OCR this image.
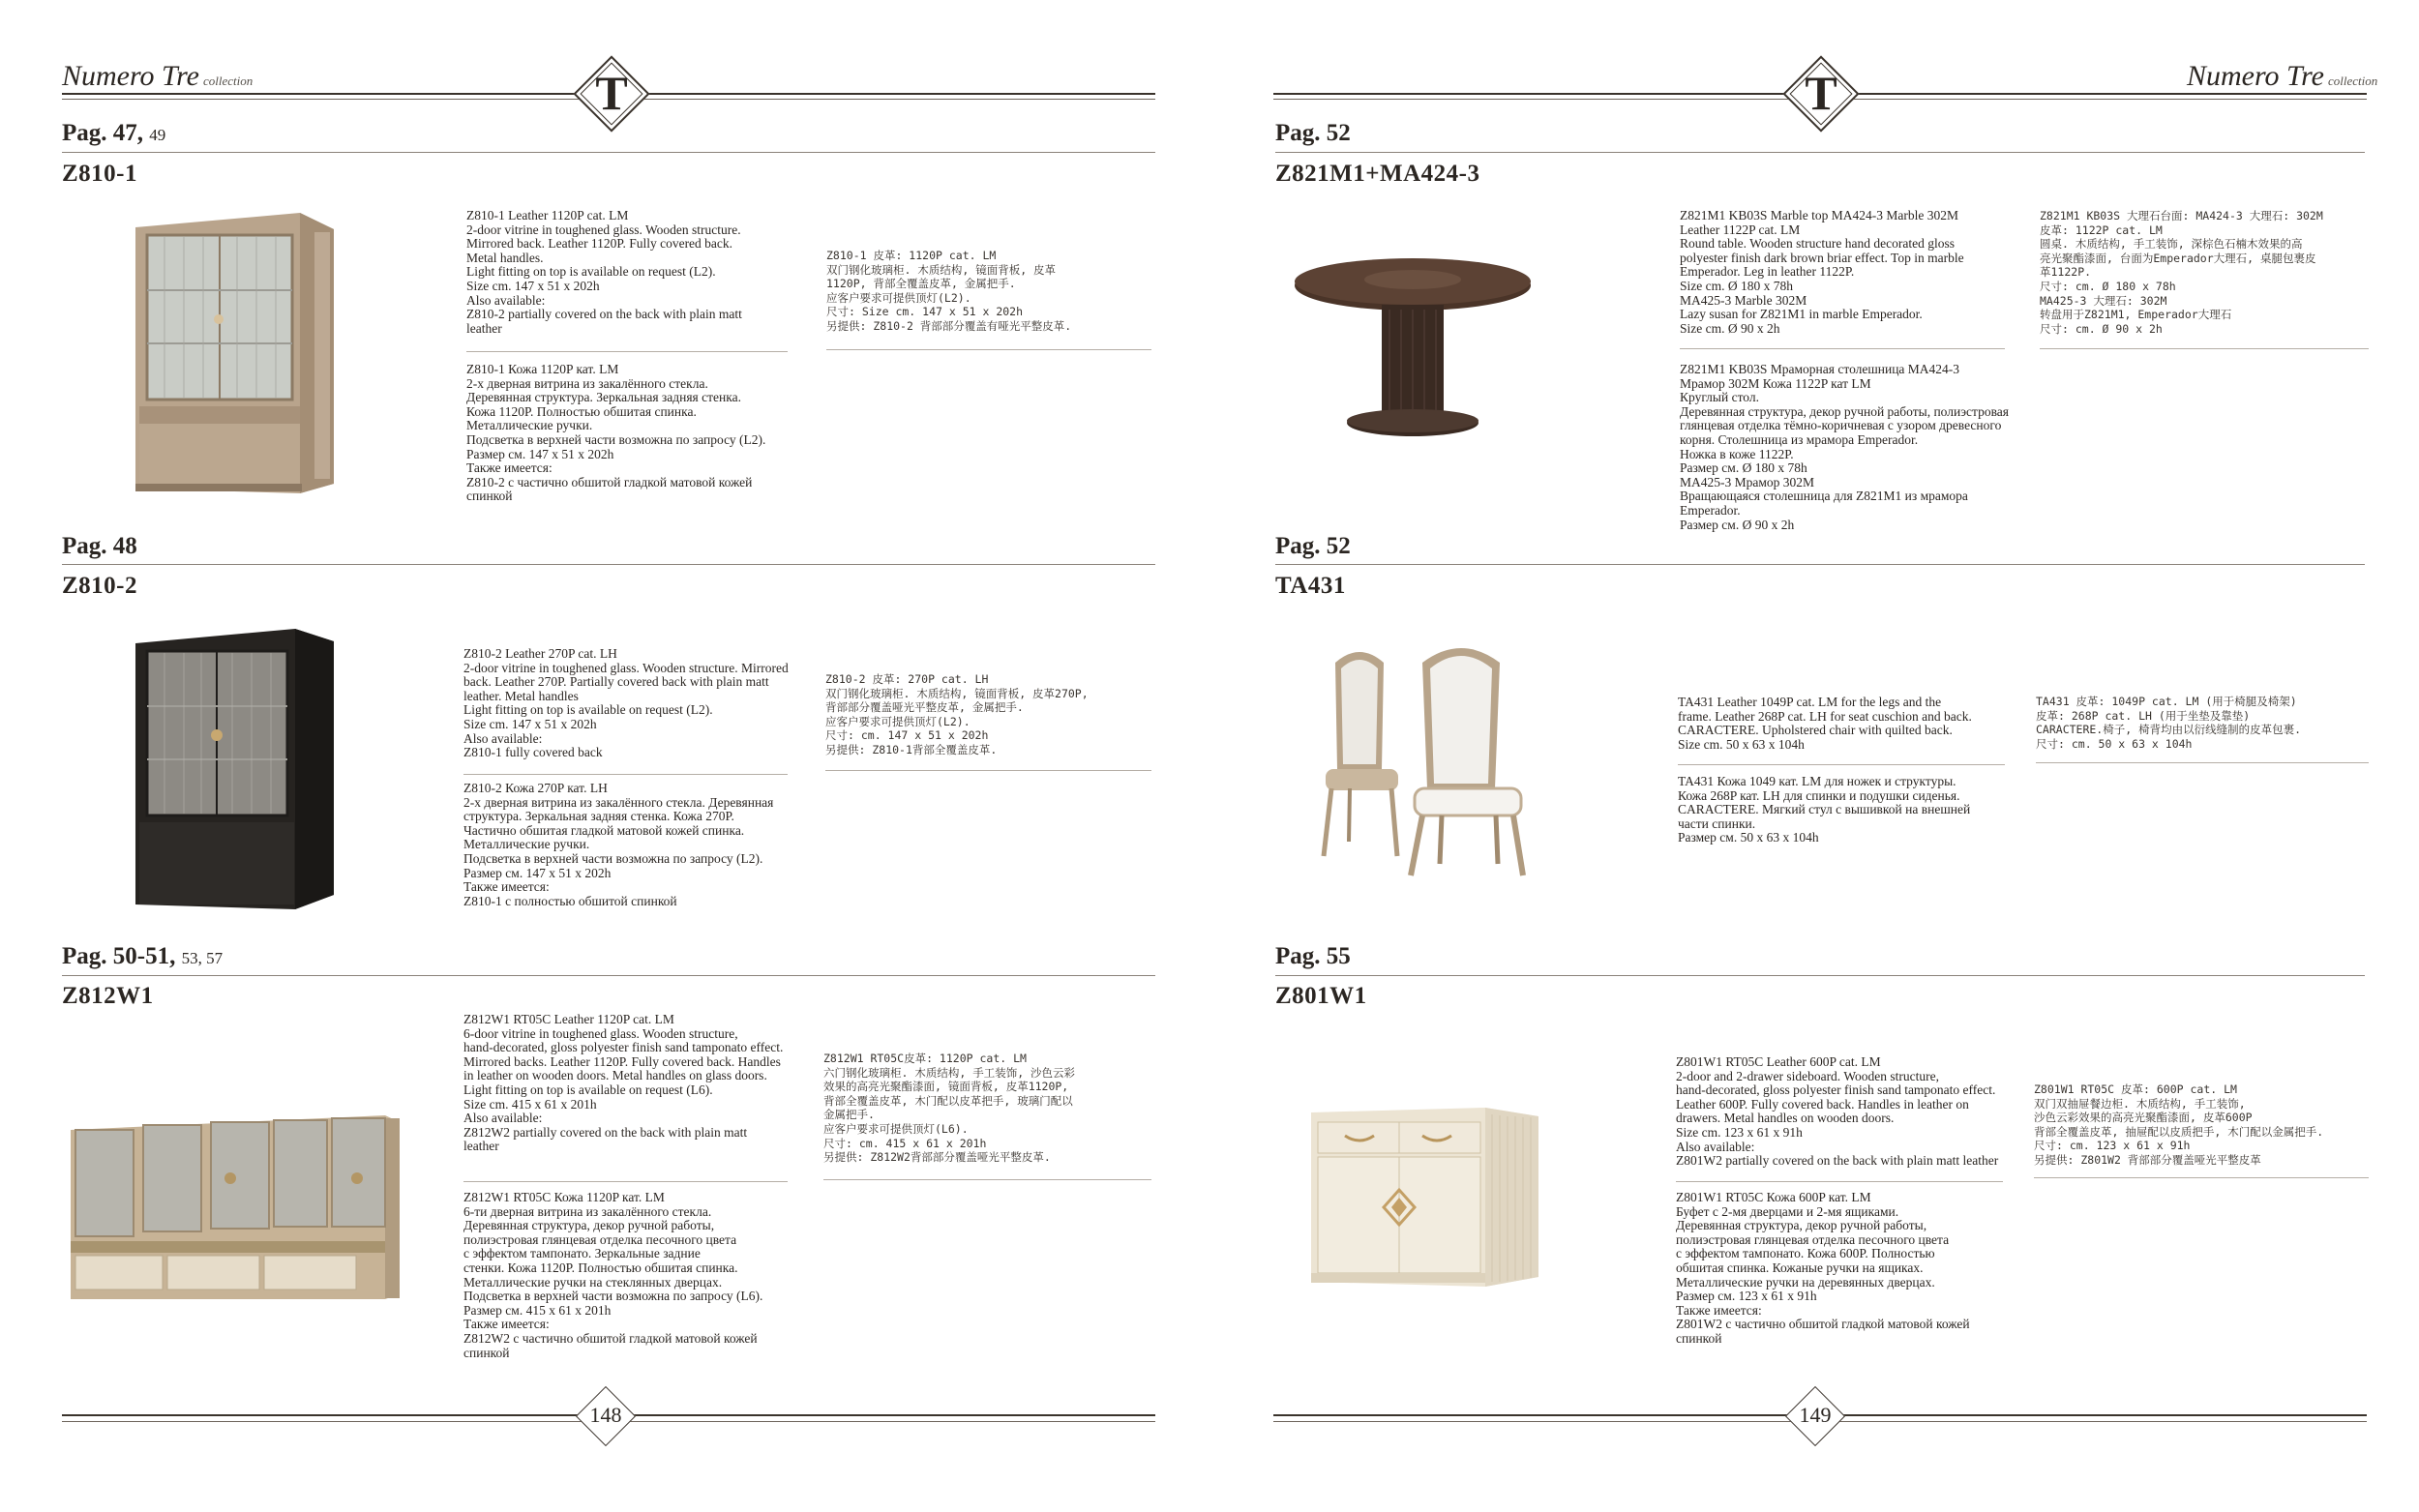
Numero Tre collection	T
Pag. 47, 49
Z810-1
Z810-1 Leather 1120P cat. LM
2-door vitrine in toughened glass. Wooden structure.
Mirrored back. Leather 1120P. Fully covered back.
Metal handles.
Light fitting on top is available on request (L2).
Size cm. 147 x 51 x 202h
Also available:
Z810-2 partially covered on the back with plain matt
leather
Z810-1 Кожа 1120P кат. LM
2-х дверная витрина из закалённого стекла.
Деревянная структура. Зеркальная задняя стенка.
Кожа 1120P. Полностью обшитая спинка.
Металлические ручки.
Подсветка в верхней части возможна по запросу (L2).
Размер см. 147 x 51 x 202h
Также имеется:
Z810-2 с частично обшитой гладкой матовой кожей
спинкой
Z810-1 皮革: 1120P cat. LM
双门钢化玻璃柜. 木质结构, 镜面背板, 皮革
1120P, 背部全覆盖皮革, 金属把手.
应客户要求可提供顶灯(L2).
尺寸: Size cm. 147 x 51 x 202h
另提供: Z810-2 背部部分覆盖有哑光平整皮革.
Pag. 48
Z810-2
Z810-2 Leather 270P cat. LH
2-door vitrine in toughened glass. Wooden structure. Mirrored
back. Leather 270P. Partially covered back with plain matt
leather. Metal handles
Light fitting on top is available on request (L2).
Size cm. 147 x 51 x 202h
Also available:
Z810-1 fully covered back
Z810-2 Кожа 270P кат. LH
2-х дверная витрина из закалённого стекла. Деревянная
структура. Зеркальная задняя стенка. Кожа 270P.
Частично обшитая гладкой матовой кожей спинка.
Металлические ручки.
Подсветка в верхней части возможна по запросу (L2).
Размер см. 147 x 51 x 202h
Также имеется:
Z810-1 с полностью обшитой спинкой
Z810-2 皮革: 270P cat. LH
双门钢化玻璃柜. 木质结构, 镜面背板, 皮革270P,
背部部分覆盖哑光平整皮革, 金属把手.
应客户要求可提供顶灯(L2).
尺寸: cm. 147 x 51 x 202h
另提供: Z810-1背部全覆盖皮革.
Pag. 50-51, 53, 57
Z812W1
Z812W1 RT05C Leather 1120P cat. LM
6-door vitrine in toughened glass. Wooden structure,
hand-decorated, gloss polyester finish sand tamponato effect.
Mirrored backs. Leather 1120P. Fully covered back. Handles
in leather on wooden doors. Metal handles on glass doors.
Light fitting on top is available on request (L6).
Size cm. 415 x 61 x 201h
Also available:
Z812W2 partially covered on the back with plain matt
leather
Z812W1 RT05C Кожа 1120P кат. LM
6-ти дверная витрина из закалённого стекла.
Деревянная структура, декор ручной работы,
полиэстровая глянцевая отделка песочного цвета
с эффектом тампонато. Зеркальные задние
стенки. Кожа 1120P. Полностью обшитая спинка.
Металлические ручки на стеклянных дверцах.
Подсветка в верхней части возможна по запросу (L6).
Размер см. 415 x 61 x 201h
Также имеется:
Z812W2 с частично обшитой гладкой матовой кожей
спинкой
Z812W1 RT05C皮革: 1120P cat. LM
六门钢化玻璃柜. 木质结构, 手工装饰, 沙色云彩
效果的高亮光聚酯漆面, 镜面背板, 皮革1120P,
背部全覆盖皮革, 木门配以皮革把手, 玻璃门配以
金属把手.
应客户要求可提供顶灯(L6).
尺寸: cm. 415 x 61 x 201h
另提供: Z812W2背部部分覆盖哑光平整皮革.
148
T	Numero Tre collection
Pag. 52
Z821M1+MA424-3
Z821M1 KB03S Marble top MA424-3 Marble 302M
Leather 1122P cat. LM
Round table. Wooden structure hand decorated gloss
polyester finish dark brown briar effect. Top in marble
Emperador. Leg in leather 1122P.
Size cm. Ø 180 x 78h
MA425-3 Marble 302M
Lazy susan for Z821M1 in marble Emperador.
Size cm. Ø 90 x 2h
Z821M1 KB03S Мраморная столешница MA424-3
Мрамор 302M Кожа 1122P кат LM
Круглый стол.
Деревянная структура, декор ручной работы, полиэстровая
глянцевая отделка тёмно-коричневая с узором древесного
корня. Столешница из мрамора Emperador.
Ножка в коже 1122P.
Размер см. Ø 180 x 78h
MA425-3 Мрамор 302M
Вращающаяся столешница для Z821M1 из мрамора
Emperador.
Размер см. Ø 90 x 2h
Z821M1 KB03S 大理石台面: MA424-3 大理石: 302M
皮革: 1122P cat. LM
圆桌. 木质结构, 手工装饰, 深棕色石楠木效果的高
亮光聚酯漆面, 台面为Emperador大理石, 桌腿包裹皮
革1122P.
尺寸: cm. Ø 180 x 78h
MA425-3 大理石: 302M
转盘用于Z821M1, Emperador大理石
尺寸: cm. Ø 90 x 2h
Pag. 52
TA431
TA431 Leather 1049P cat. LM for the legs and the
frame. Leather 268P cat. LH for seat cuschion and back.
CARACTERE. Upholstered chair with quilted back.
Size cm. 50 x 63 x 104h
TA431 Кожа 1049 кат. LM для ножек и структуры.
Кожа 268P кат. LH для спинки и подушки сиденья.
CARACTERE. Мягкий стул с вышивкой на внешней
части спинки.
Размер см. 50 x 63 x 104h
TA431 皮革: 1049P cat. LM (用于椅腿及椅架)
皮革: 268P cat. LH (用于坐垫及靠垫)
CARACTERE.椅子, 椅背均由以衍线缝制的皮革包裹.
尺寸: cm. 50 x 63 x 104h
Pag. 55
Z801W1
Z801W1 RT05C Leather 600P cat. LM
2-door and 2-drawer sideboard. Wooden structure,
hand-decorated, gloss polyester finish sand tamponato effect.
Leather 600P. Fully covered back. Handles in leather on
drawers. Metal handles on wooden doors.
Size cm. 123 x 61 x 91h
Also available:
Z801W2 partially covered on the back with plain matt leather
Z801W1 RT05C Кожа 600P кат. LM
Буфет с 2-мя дверцами и 2-мя ящиками.
Деревянная структура, декор ручной работы,
полиэстровая глянцевая отделка песочного цвета
с эффектом тампонато. Кожа 600P. Полностью
обшитая спинка. Кожаные ручки на ящиках.
Металлические ручки на деревянных дверцах.
Размер см. 123 x 61 x 91h
Также имеется:
Z801W2 с частично обшитой гладкой матовой кожей
спинкой
Z801W1 RT05C 皮革: 600P cat. LM
双门双抽屉餐边柜. 木质结构, 手工装饰,
沙色云彩效果的高亮光聚酯漆面, 皮革600P
背部全覆盖皮革, 抽屉配以皮质把手, 木门配以金属把手.
尺寸: cm. 123 x 61 x 91h
另提供: Z801W2 背部部分覆盖哑光平整皮革
149
